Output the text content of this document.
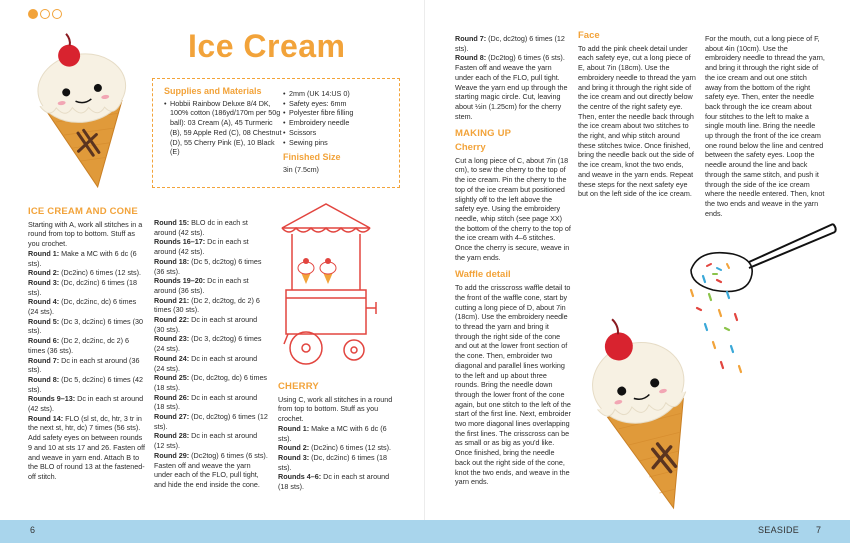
Ice Cream
Supplies and Materials
• Hobbii Rainbow Deluxe 8/4 DK, 100% cotton (186yd/170m per 50g ball): 03 Cream (A), 45 Turmeric (B), 59 Apple Red (C), 08 Chestnut (D), 55 Cherry Pink (E), 10 Black (E)
• 2mm (UK 14:US 0)
• Safety eyes: 6mm
• Polyester fibre filling
• Embroidery needle
• Scissors
• Sewing pins
Finished Size
3in (7.5cm)
ICE CREAM AND CONE

Starting with A, work all stitches in a round from top to bottom. Stuff as you crochet.

Round 1: Make a MC with 6 dc (6 sts).

Round 2: (Dc2inc) 6 times (12 sts).

Round 3: (Dc, dc2inc) 6 times (18 sts).

Round 4: (Dc, dc2inc, dc) 6 times (24 sts).

Round 5: (Dc 3, dc2inc) 6 times (30 sts).

Round 6: (Dc 2, dc2inc, dc 2) 6 times (36 sts).

Round 7: Dc in each st around (36 sts).

Round 8: (Dc 5, dc2inc) 6 times (42 sts).

Rounds 9–13: Dc in each st around (42 sts).

Round 14: FLO (sl st, dc, htr, 3 tr in the next st, htr, dc) 7 times (56 sts).

Add safety eyes on between rounds 9 and 10 at sts 17 and 26. Fasten off and weave in yarn end. Attach B to the BLO of round 13 at the fastened-off stitch.

Round 15: BLO dc in each st around (42 sts).

Rounds 16–17: Dc in each st around (42 sts).

Round 18: (Dc 5, dc2tog) 6 times (36 sts).

Rounds 19–20: Dc in each st around (36 sts).

Round 21: (Dc 2, dc2tog, dc 2) 6 times (30 sts).

Round 22: Dc in each st around (30 sts).

Round 23: (Dc 3, dc2tog) 6 times (24 sts).

Round 24: Dc in each st around (24 sts).

Round 25: (Dc, dc2tog, dc) 6 times (18 sts).

Round 26: Dc in each st around (18 sts).

Round 27: (Dc, dc2tog) 6 times (12 sts).

Round 28: Dc in each st around (12 sts).

Round 29: (Dc2tog) 6 times (6 sts). Fasten off and weave the yarn under each of the FLO, pull tight, and hide the end inside the cone.

CHERRY

Using C, work all stitches in a round from top to bottom. Stuff as you crochet.

Round 1: Make a MC with 6 dc (6 sts).

Round 2: (Dc2inc) 6 times (12 sts).

Round 3: (Dc, dc2inc) 6 times (18 sts).

Rounds 4–6: Dc in each st around (18 sts).

Round 7: (Dc, dc2tog) 6 times (12 sts).

Round 8: (Dc2tog) 6 times (6 sts). Fasten off and weave the yarn under each of the FLO, pull tight. Weave the yarn end up through the starting magic circle. Cut, leaving about ½in (1.25cm) for the cherry stem.

MAKING UP
Cherry

Cut a long piece of C, about 7in (18 cm), to sew the cherry to the top of the ice cream. Pin the cherry to the top of the ice cream but positioned slightly off to the left above the safety eye. Using the embroidery needle, whip stitch (see page XX) the bottom of the cherry to the top of the ice cream with 4–6 stitches. Once the cherry is secure, weave in the yarn ends.

Waffle detail

To add the crisscross waffle detail to the front of the waffle cone, start by cutting a long piece of D, about 7in (18cm). Use the embroidery needle to thread the yarn and bring it through the right side of the cone and out at the lower front section of the cone. Then, embroider two diagonal and parallel lines working to the left and up about three rounds. Bring the needle down through the lower front of the cone again, but one stitch to the left of the start of the first line. Next, embroider two more diagonal lines overlapping the first lines. The crisscross can be as small or as big as you'd like. Once finished, bring the needle back out the right side of the cone, knot the two ends, and weave in the yarn ends.

Face

To add the pink cheek detail under each safety eye, cut a long piece of E, about 7in (18cm). Use the embroidery needle to thread the yarn and bring it through the right side of the ice cream and out directly below the centre of the right safety eye. Then, enter the needle back through the ice cream about two stitches to the right, and whip stitch around these stitches twice. Once finished, bring the needle back out the side of the ice cream, knot the two ends, and weave in the yarn ends. Repeat these steps for the next safety eye but on the left side of the ice cream.

For the mouth, cut a long piece of F, about 4in (10cm). Use the embroidery needle to thread the yarn, and bring it through the right side of the ice cream and out one stitch away from the bottom of the right safety eye. Then, enter the needle back through the ice cream about four stitches to the left to make a single mouth line. Bring the needle up through the front of the ice cream one round below the line and centred between the safety eyes. Loop the needle around the line and back through the same stitch, and push it through the side of the ice cream where the needle entered. Then, knot the two ends and weave in the yarn ends.

6	SEASIDE 7
